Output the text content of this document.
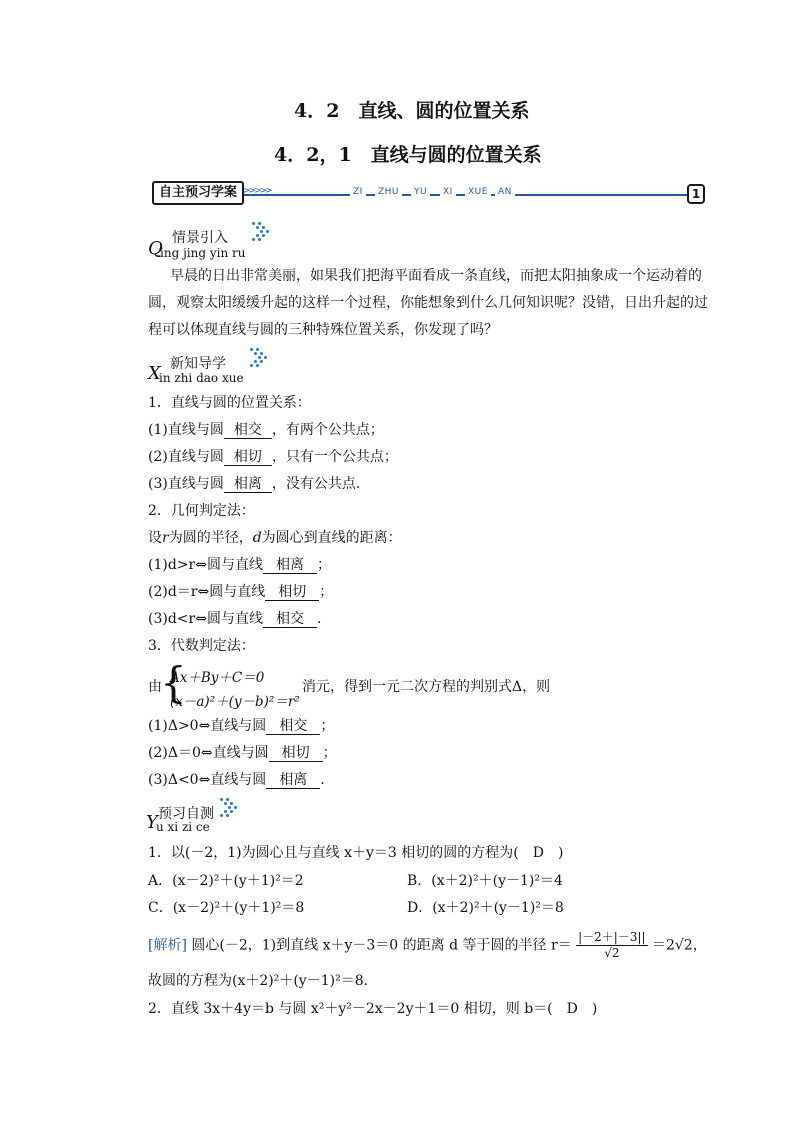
4．2　直线、圆的位置关系
4．2，1　直线与圆的位置关系
自主预习学案 >>>>>	ZI	ZHU	YU	XI	XUE	AN	1
情景引入
Q
ing jing yin ru
早晨的日出非常美丽，如果我们把海平面看成一条直线，而把太阳抽象成一个运动着的
圆，观察太阳缓缓升起的这样一个过程，你能想象到什么几何知识呢？没错，日出升起的过
程可以体现直线与圆的三种特殊位置关系，你发现了吗？
新知导学
X
in zhi dao xue
1．直线与圆的位置关系：
(1)直线与圆 相交 ，有两个公共点；
(2)直线与圆 相切 ，只有一个公共点；
(3)直线与圆 相离 ，没有公共点．
2．几何判定法：
设r为圆的半径，d为圆心到直线的距离：
(1)d>r⇔圆与直线 相离 ；
(2)d＝r⇔圆与直线 相切 ；
(3)d<r⇔圆与直线 相交 ．
3．代数判定法：
由
{
Ax＋By＋C＝0
(x－a)²＋(y－b)²＝r²
消元，得到一元二次方程的判别式Δ，则
(1)Δ>0⇔直线与圆 相交 ；
(2)Δ＝0⇔直线与圆 相切 ；
(3)Δ<0⇔直线与圆 相离 ．
预习自测
Y
u xi zi ce
1．以(－2，1)为圆心且与直线 x＋y＝3 相切的圆的方程为(　D　)
A．(x－2)²＋(y＋1)²＝2	B．(x＋2)²＋(y－1)²＝4
C．(x－2)²＋(y＋1)²＝8	D．(x＋2)²＋(y－1)²＝8
[解析] 圆心(－2，1)到直线 x＋y－3＝0 的距离 d 等于圆的半径 $r= \frac{|-2+|-3||}{√2} =2√2$，
故圆的方程为(x＋2)²＋(y－1)²＝8．
2．直线 3x＋4y＝b 与圆 x²＋y²－2x－2y＋1＝0 相切，则 b＝(　D　)
